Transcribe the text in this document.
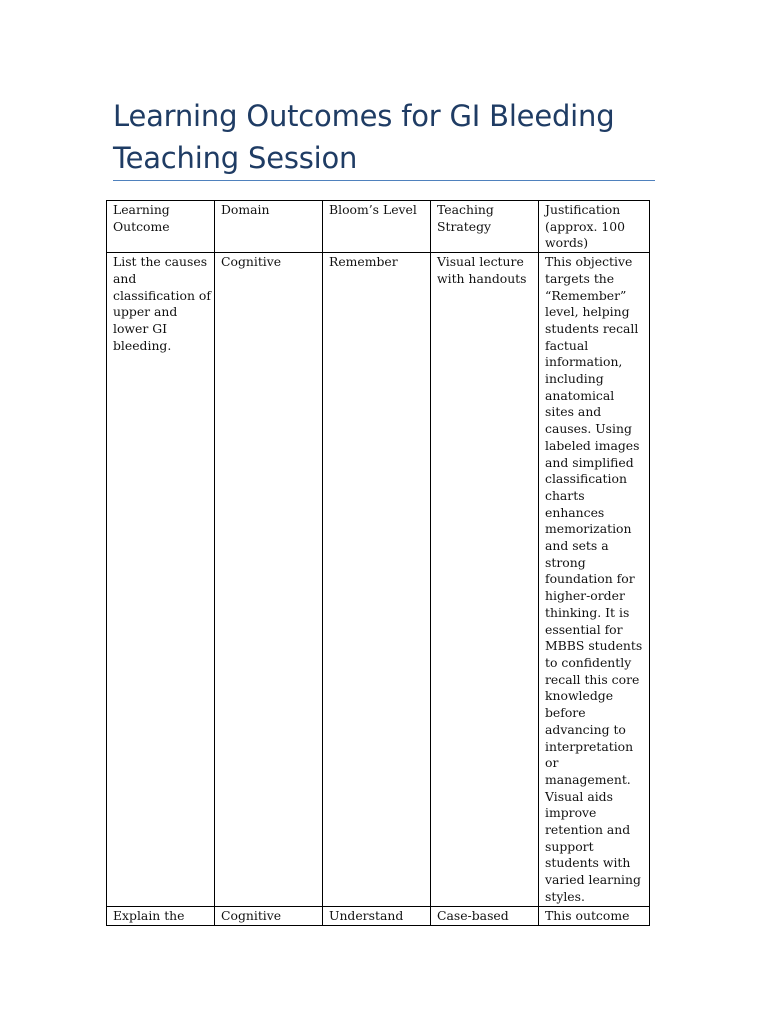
Learning Outcomes for GI Bleeding Teaching Session
Learning Outcome	Domain	Bloom’s Level	Teaching Strategy	Justification (approx. 100 words)
List the causes and classification of upper and lower GI bleeding.	Cognitive	Remember	Visual lecture with handouts	This objective targets the “Remember” level, helping students recall factual information, including anatomical sites and causes. Using labeled images and simplified classification charts enhances memorization and sets a strong foundation for higher-order thinking. It is essential for MBBS students to confidently recall this core knowledge before advancing to interpretation or management. Visual aids improve retention and support students with varied learning styles.
Explain the	Cognitive	Understand	Case-based	This outcome
